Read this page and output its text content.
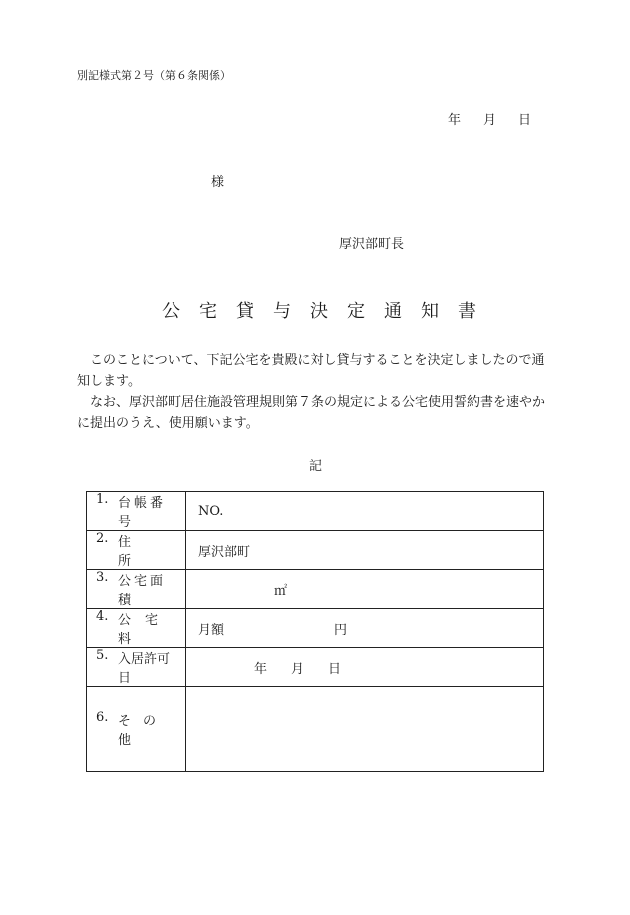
別記様式第２号（第６条関係）
年 月 日
様
厚沢部町長
公宅貸与決定通知書

このことについて、下記公宅を貴殿に対し貸与することを決定しましたので通知します。

なお、厚沢部町居住施設管理規則第７条の規定による公宅使用誓約書を速やかに提出のうえ、使用願います。

記
1. 台帳番号	NO.

2. 住所	厚沢部町

3. 公宅面積	㎡

4. 公宅料	月額 円

5. 入居許可日	年 月 日

6. その他	
